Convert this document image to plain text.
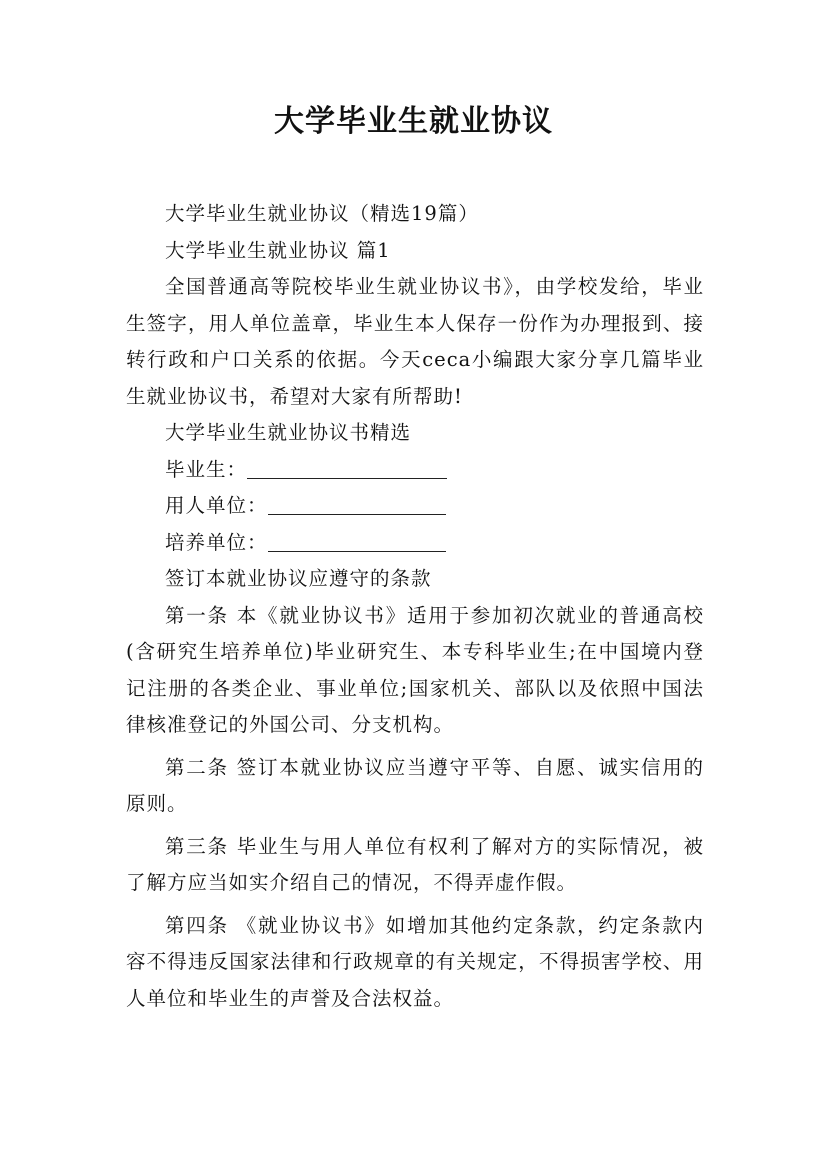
大学毕业生就业协议

大学毕业生就业协议（精选19篇）

大学毕业生就业协议 篇1

全国普通高等院校毕业生就业协议书》，由学校发给，毕业生签字，用人单位盖章，毕业生本人保存一份作为办理报到、接转行政和户口关系的依据。今天ceca小编跟大家分享几篇毕业生就业协议书，希望对大家有所帮助!

大学毕业生就业协议书精选

毕业生：

用人单位：

培养单位：

签订本就业协议应遵守的条款

第一条 本《就业协议书》适用于参加初次就业的普通高校(含研究生培养单位)毕业研究生、本专科毕业生;在中国境内登记注册的各类企业、事业单位;国家机关、部队以及依照中国法律核准登记的外国公司、分支机构。

第二条 签订本就业协议应当遵守平等、自愿、诚实信用的原则。

第三条 毕业生与用人单位有权利了解对方的实际情况，被了解方应当如实介绍自己的情况，不得弄虚作假。

第四条 《就业协议书》如增加其他约定条款，约定条款内容不得违反国家法律和行政规章的有关规定，不得损害学校、用人单位和毕业生的声誉及合法权益。
